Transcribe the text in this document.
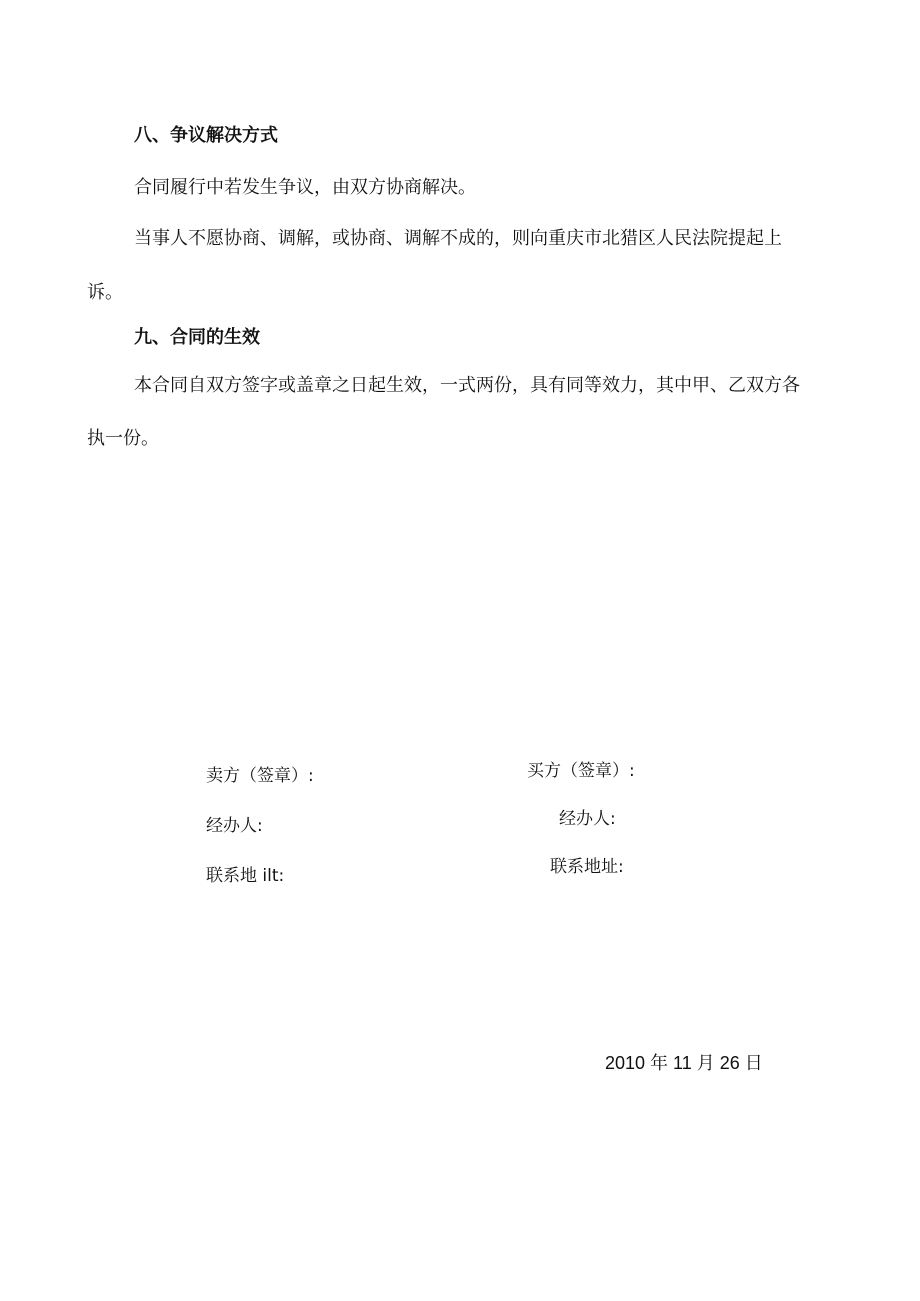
八、争议解决方式
合同履行中若发生争议，由双方协商解决。
当事人不愿协商、调解，或协商、调解不成的，则向重庆市北猎区人民法院提起上
诉。
九、合同的生效
本合同自双方签字或盖章之日起生效，一式两份，具有同等效力，其中甲、乙双方各
执一份。
卖方（签章）:
经办人:
联系地 ilt:
买方（签章）:
经办人:
联系地址:
2010 年 11 月 26 日
